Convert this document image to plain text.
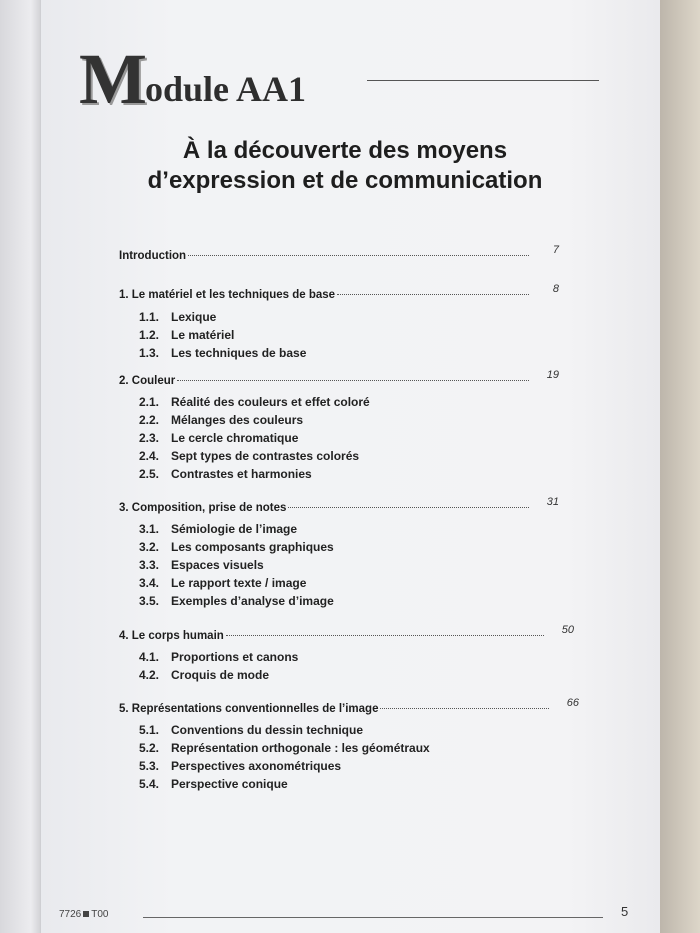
Module AA1
À la découverte des moyens
d’expression et de communication
Introduction	7
1. Le matériel et les techniques de base	8
1.1. Lexique
1.2. Le matériel
1.3. Les techniques de base
2. Couleur	19
2.1. Réalité des couleurs et effet coloré
2.2. Mélanges des couleurs
2.3. Le cercle chromatique
2.4. Sept types de contrastes colorés
2.5. Contrastes et harmonies
3. Composition, prise de notes	31
3.1. Sémiologie de l’image
3.2. Les composants graphiques
3.3. Espaces visuels
3.4. Le rapport texte / image
3.5. Exemples d’analyse d’image
4. Le corps humain	50
4.1. Proportions et canons
4.2. Croquis de mode
5. Représentations conventionnelles de l’image	66
5.1. Conventions du dessin technique
5.2. Représentation orthogonale : les géométraux
5.3. Perspectives axonométriques
5.4. Perspective conique
7726 T00	5
